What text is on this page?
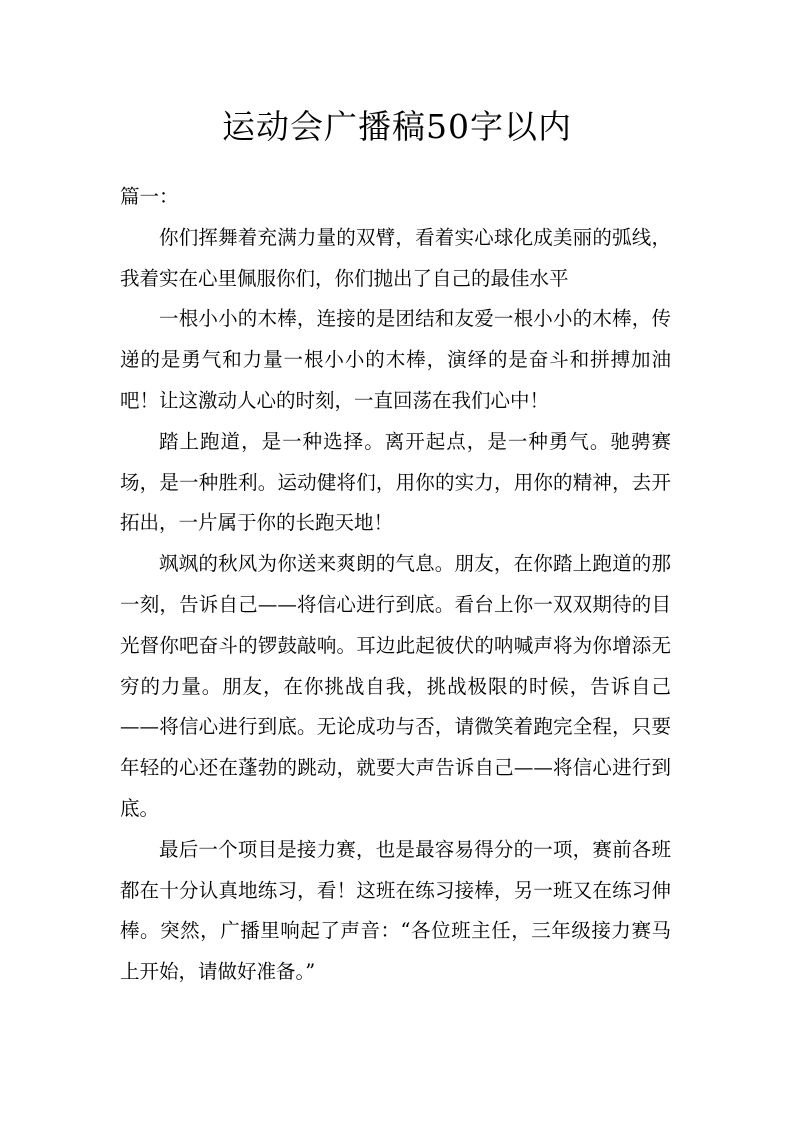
运动会广播稿50字以内

篇一：

你们挥舞着充满力量的双臂，看着实心球化成美丽的弧线，我着实在心里佩服你们，你们抛出了自己的最佳水平

一根小小的木棒，连接的是团结和友爱一根小小的木棒，传递的是勇气和力量一根小小的木棒，演绎的是奋斗和拼搏加油吧！让这激动人心的时刻，一直回荡在我们心中！

踏上跑道，是一种选择。离开起点，是一种勇气。驰骋赛场，是一种胜利。运动健将们，用你的实力，用你的精神，去开拓出，一片属于你的长跑天地！

飒飒的秋风为你送来爽朗的气息。朋友，在你踏上跑道的那一刻，告诉自己——将信心进行到底。看台上你一双双期待的目光督你吧奋斗的锣鼓敲响。耳边此起彼伏的呐喊声将为你增添无穷的力量。朋友，在你挑战自我，挑战极限的时候，告诉自己——将信心进行到底。无论成功与否，请微笑着跑完全程，只要年轻的心还在蓬勃的跳动，就要大声告诉自己——将信心进行到底。

最后一个项目是接力赛，也是最容易得分的一项，赛前各班都在十分认真地练习，看！这班在练习接棒，另一班又在练习伸棒。突然，广播里响起了声音：“各位班主任，三年级接力赛马上开始，请做好准备。”
